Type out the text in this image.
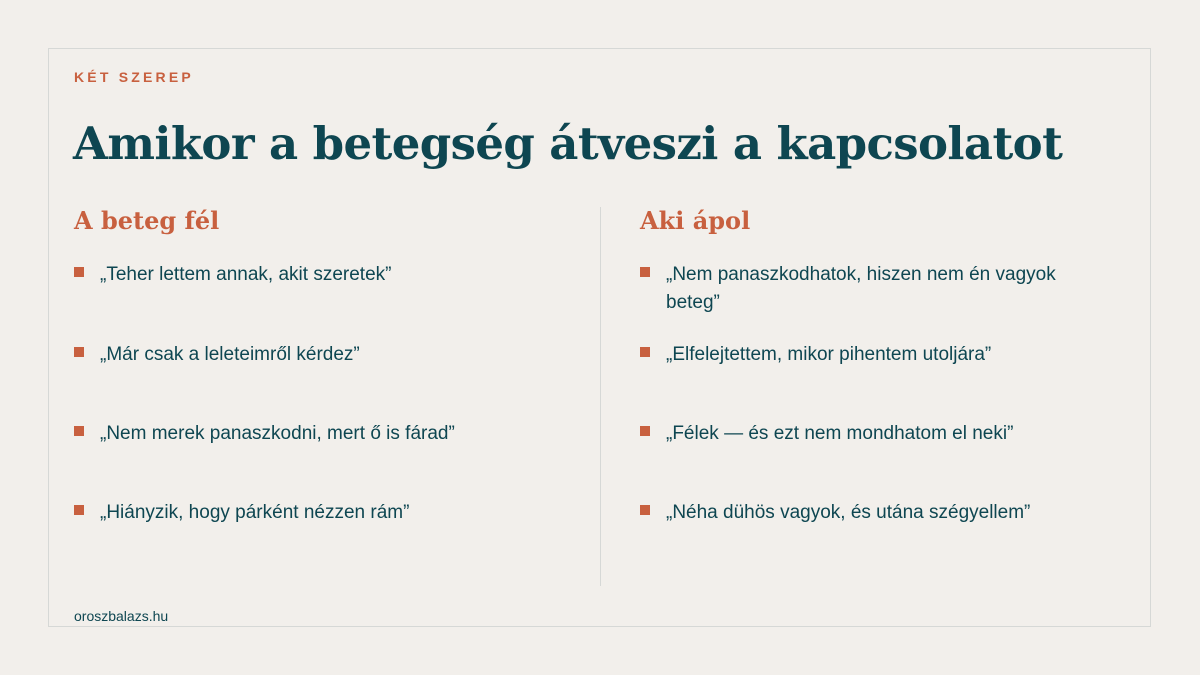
KÉT SZEREP
Amikor a betegség átveszi a kapcsolatot
A beteg fél
„Teher lettem annak, akit szeretek”
„Már csak a leleteimről kérdez”
„Nem merek panaszkodni, mert ő is fárad”
„Hiányzik, hogy párként nézzen rám”
Aki ápol
„Nem panaszkodhatok, hiszen nem én vagyok beteg”
„Elfelejtettem, mikor pihentem utoljára”
„Félek — és ezt nem mondhatom el neki”
„Néha dühös vagyok, és utána szégyellem”
oroszbalazs.hu
